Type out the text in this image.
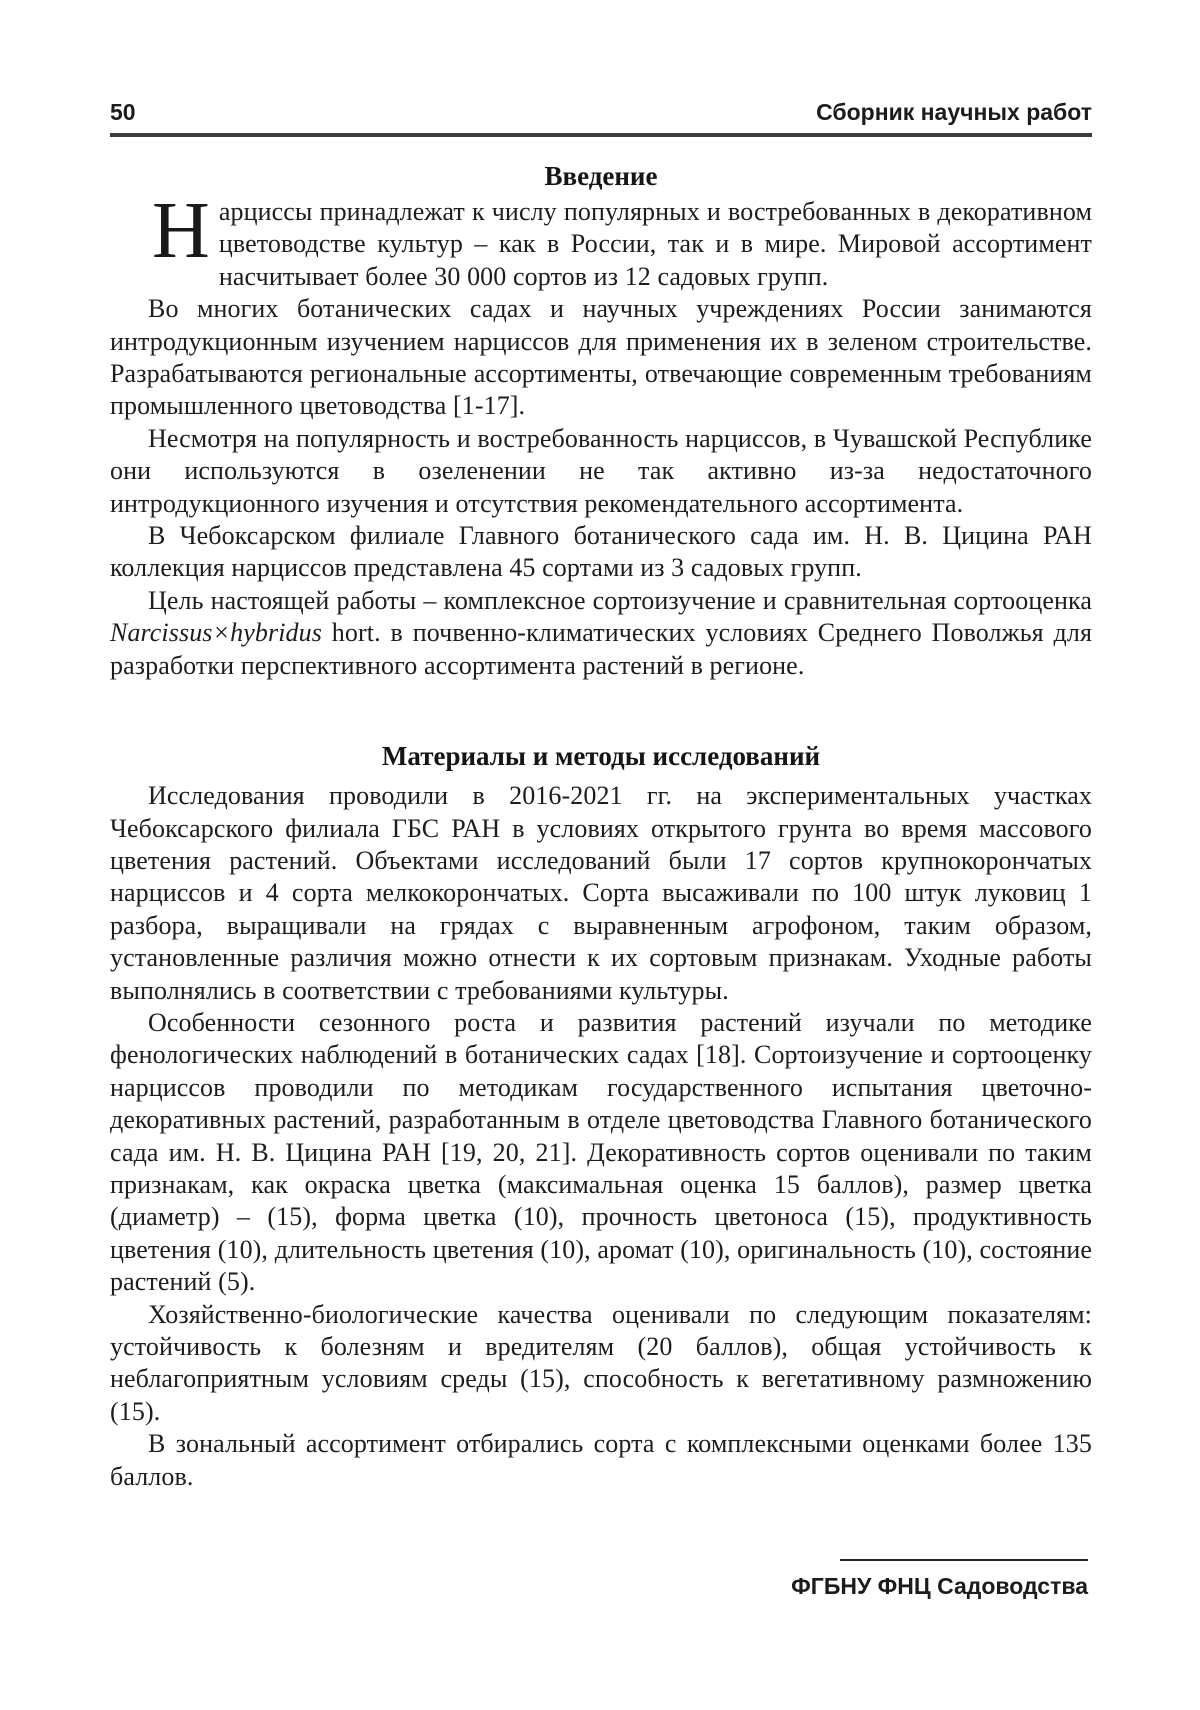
50	Сборник научных работ
Введение

Нарциссы принадлежат к числу популярных и востребованных в декоративном цветоводстве культур – как в России, так и в мире. Мировой ассортимент насчитывает более 30 000 сортов из 12 садовых групп.

Во многих ботанических садах и научных учреждениях России занимаются интродукционным изучением нарциссов для применения их в зеленом строительстве. Разрабатываются региональные ассортименты, отвечающие современным требованиям промышленного цветоводства [1-17].

Несмотря на популярность и востребованность нарциссов, в Чувашской Республике они используются в озеленении не так активно из-за недостаточного интродукционного изучения и отсутствия рекомендательного ассортимента.

В Чебоксарском филиале Главного ботанического сада им. Н. В. Цицина РАН коллекция нарциссов представлена 45 сортами из 3 садовых групп.

Цель настоящей работы – комплексное сортоизучение и сравнительная сортооценка Narcissus×hybridus hort. в почвенно-климатических условиях Среднего Поволжья для разработки перспективного ассортимента растений в регионе.

Материалы и методы исследований

Исследования проводили в 2016-2021 гг. на экспериментальных участках Чебоксарского филиала ГБС РАН в условиях открытого грунта во время массового цветения растений. Объектами исследований были 17 сортов крупнокорончатых нарциссов и 4 сорта мелкокорончатых. Сорта высаживали по 100 штук луковиц 1 разбора, выращивали на грядах с выравненным агрофоном, таким образом, установленные различия можно отнести к их сортовым признакам. Уходные работы выполнялись в соответствии с требованиями культуры.

Особенности сезонного роста и развития растений изучали по методике фенологических наблюдений в ботанических садах [18]. Сортоизучение и сортооценку нарциссов проводили по методикам государственного испытания цветочно-декоративных растений, разработанным в отделе цветоводства Главного ботанического сада им. Н. В. Цицина РАН [19, 20, 21]. Декоративность сортов оценивали по таким признакам, как окраска цветка (максимальная оценка 15 баллов), размер цветка (диаметр) – (15), форма цветка (10), прочность цветоноса (15), продуктивность цветения (10), длительность цветения (10), аромат (10), оригинальность (10), состояние растений (5).

Хозяйственно-биологические качества оценивали по следующим показателям: устойчивость к болезням и вредителям (20 баллов), общая устойчивость к неблагоприятным условиям среды (15), способность к вегетативному размножению (15).

В зональный ассортимент отбирались сорта с комплексными оценками более 135 баллов.

ФГБНУ ФНЦ Садоводства
